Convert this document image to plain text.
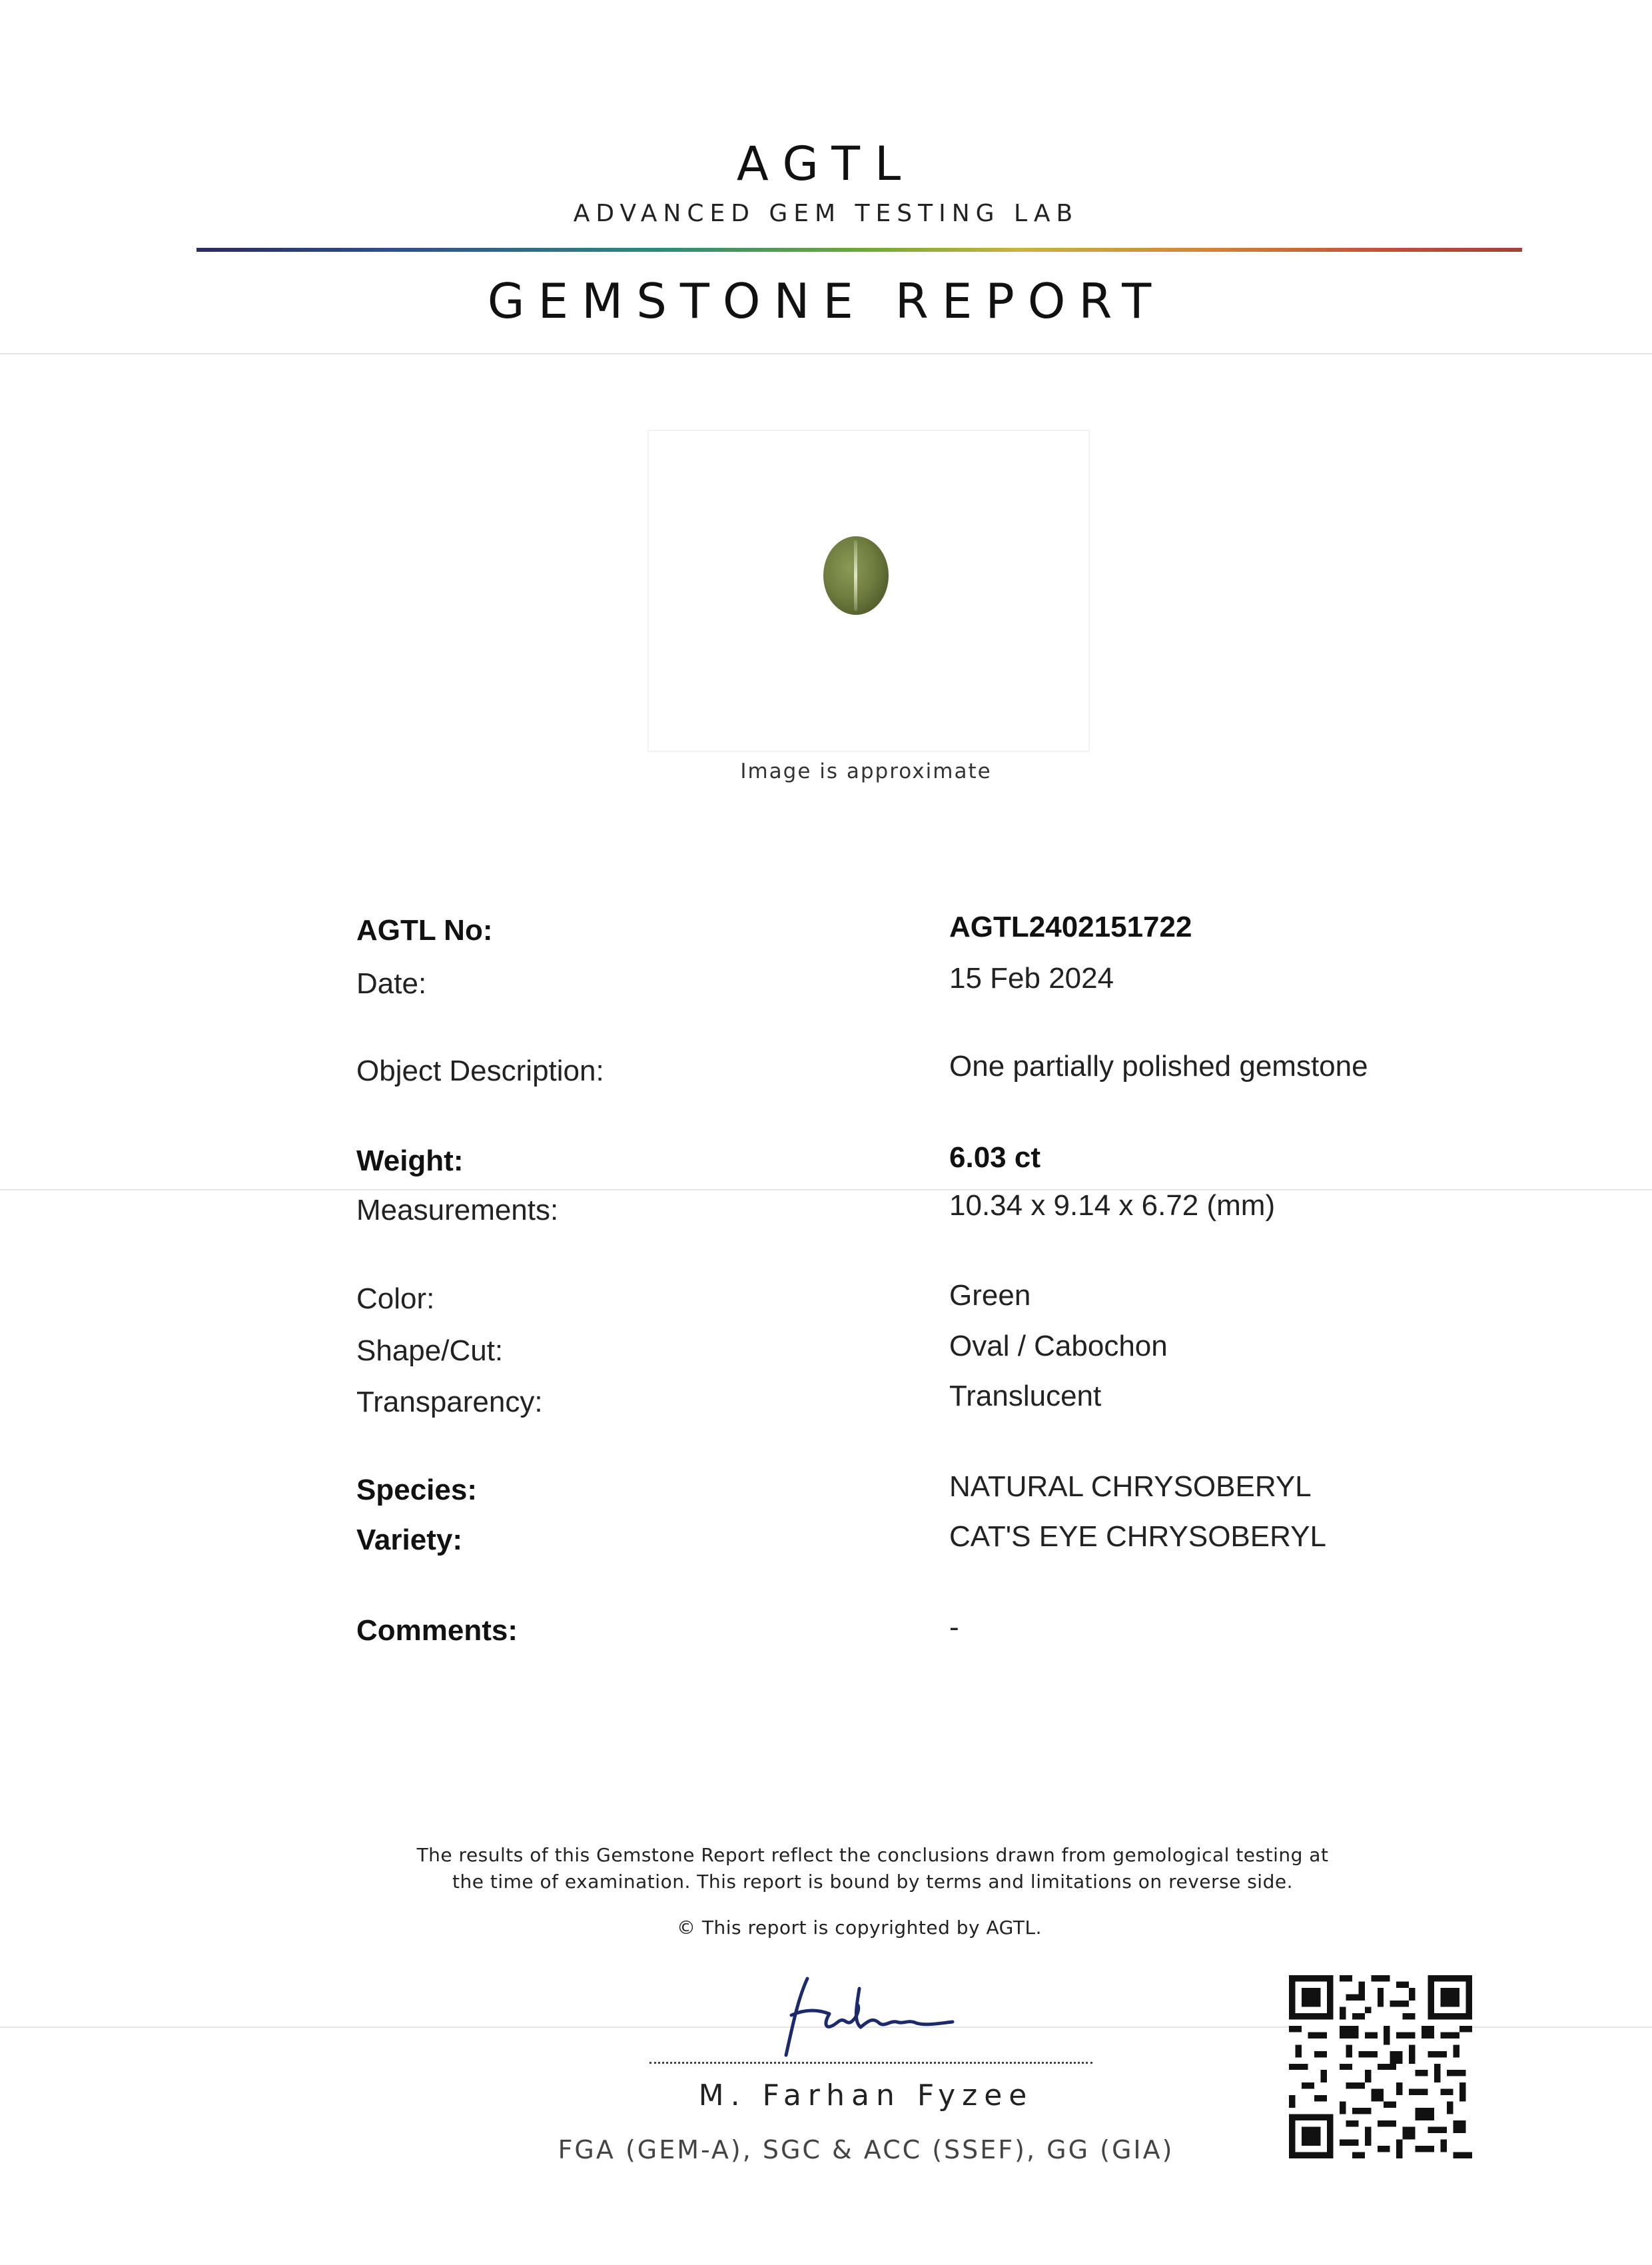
AGTL
ADVANCED GEM TESTING LAB
GEMSTONE REPORT
Image is approximate
AGTL No:	AGTL2402151722
Date:	15 Feb 2024
Object Description:	One partially polished gemstone
Weight:	6.03 ct
Measurements:	10.34 x 9.14 x 6.72 (mm)
Color:	Green
Shape/Cut:	Oval / Cabochon
Transparency:	Translucent
Species:	NATURAL CHRYSOBERYL
Variety:	CAT'S EYE CHRYSOBERYL
Comments:	-
The results of this Gemstone Report reflect the conclusions drawn from gemological testing at
the time of examination. This report is bound by terms and limitations on reverse side.
© This report is copyrighted by AGTL.
M. Farhan Fyzee
FGA (GEM-A), SGC & ACC (SSEF), GG (GIA)
